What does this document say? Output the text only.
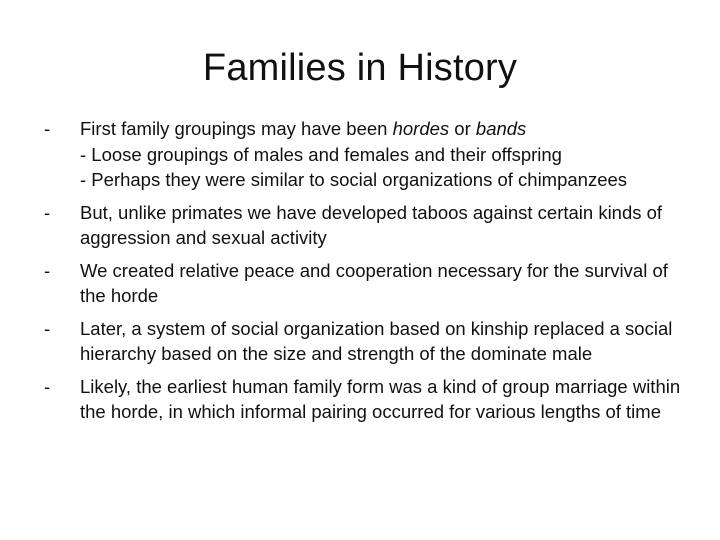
Families in History
-	First family groupings may have been hordes or bands
- Loose groupings of males and females and their offspring
- Perhaps they were similar to social organizations of chimpanzees
-	But, unlike primates we have developed taboos against certain kinds of aggression and sexual activity
-	We created relative peace and cooperation necessary for the survival of the horde
-	Later, a system of social organization based on kinship replaced a social hierarchy based on the size and strength of the dominate male
-	Likely, the earliest human family form was a kind of group marriage within the horde, in which informal pairing occurred for various lengths of time
